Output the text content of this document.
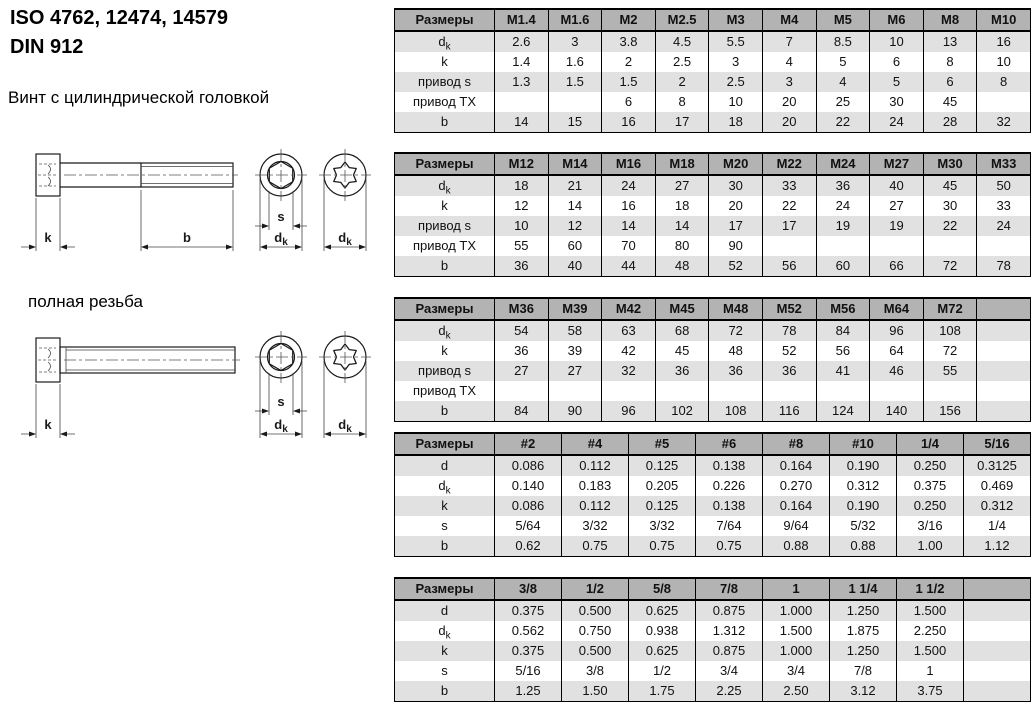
ISO 4762, 12474, 14579
DIN 912
Винт с цилиндрической головкой
полная резьба
k	b
s
$d_k$	$d_k$
k
s
$d_k$	$d_k$
Размеры	M1.4	M1.6	M2	M2.5	M3	M4	M5	M6	M8	M10
$d_k$	2.6	3	3.8	4.5	5.5	7	8.5	10	13	16
k	1.4	1.6	2	2.5	3	4	5	6	8	10
привод s	1.3	1.5	1.5	2	2.5	3	4	5	6	8
привод TX			6	8	10	20	25	30	45	
b	14	15	16	17	18	20	22	24	28	32
Размеры	M12	M14	M16	M18	M20	M22	M24	M27	M30	M33
$d_k$	18	21	24	27	30	33	36	40	45	50
k	12	14	16	18	20	22	24	27	30	33
привод s	10	12	14	14	17	17	19	19	22	24
привод TX	55	60	70	80	90					
b	36	40	44	48	52	56	60	66	72	78
Размеры	M36	M39	M42	M45	M48	M52	M56	M64	M72	
$d_k$	54	58	63	68	72	78	84	96	108	
k	36	39	42	45	48	52	56	64	72	
привод s	27	27	32	36	36	36	41	46	55	
привод TX										
b	84	90	96	102	108	116	124	140	156	
Размеры	#2	#4	#5	#6	#8	#10	1/4	5/16
d	0.086	0.112	0.125	0.138	0.164	0.190	0.250	0.3125
$d_k$	0.140	0.183	0.205	0.226	0.270	0.312	0.375	0.469
k	0.086	0.112	0.125	0.138	0.164	0.190	0.250	0.312
s	5/64	3/32	3/32	7/64	9/64	5/32	3/16	1/4
b	0.62	0.75	0.75	0.75	0.88	0.88	1.00	1.12
Размеры	3/8	1/2	5/8	7/8	1	1 1/4	1 1/2	
d	0.375	0.500	0.625	0.875	1.000	1.250	1.500	
$d_k$	0.562	0.750	0.938	1.312	1.500	1.875	2.250	
k	0.375	0.500	0.625	0.875	1.000	1.250	1.500	
s	5/16	3/8	1/2	3/4	3/4	7/8	1	
b	1.25	1.50	1.75	2.25	2.50	3.12	3.75	
